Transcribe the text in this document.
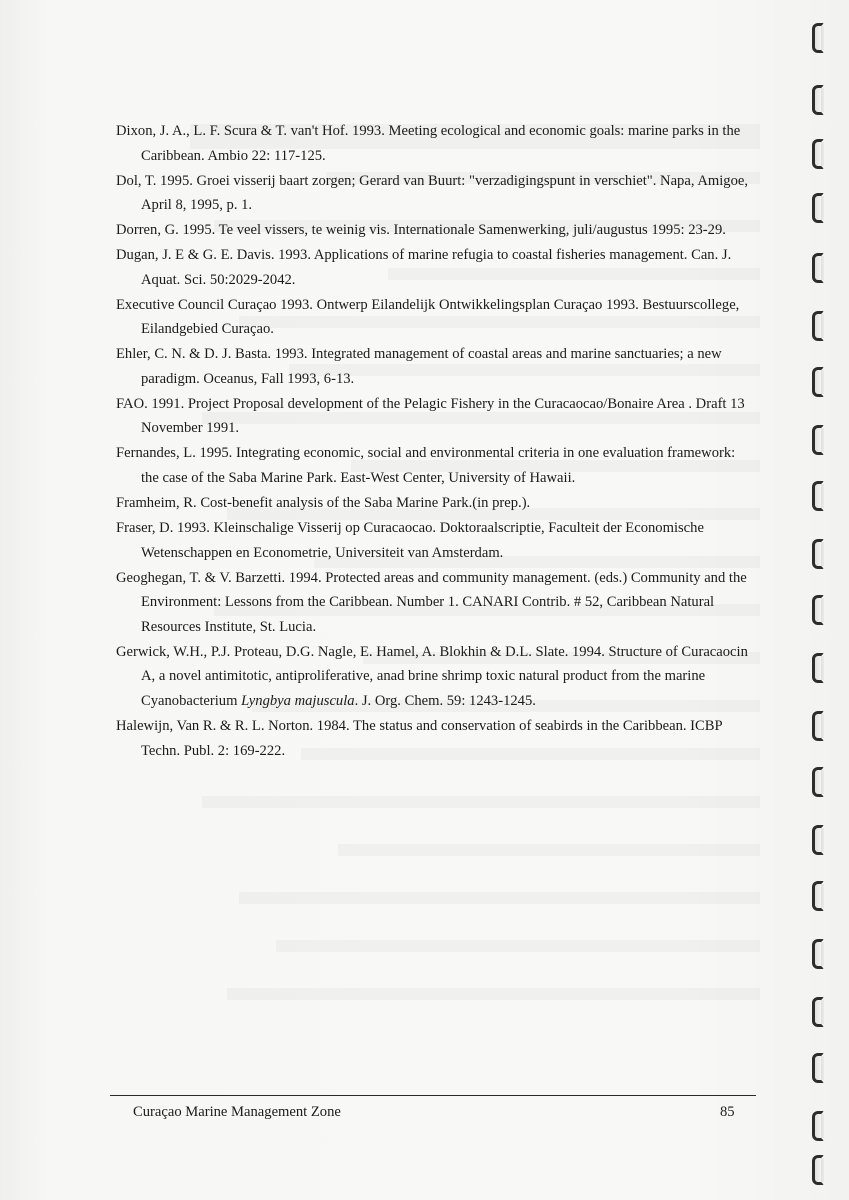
Dixon, J. A., L. F. Scura & T. van't Hof. 1993. Meeting ecological and economic goals: marine parks in the Caribbean. Ambio 22: 117-125.

Dol, T. 1995. Groei visserij baart zorgen; Gerard van Buurt: "verzadigingspunt in verschiet". Napa, Amigoe, April 8, 1995, p. 1.

Dorren, G. 1995. Te veel vissers, te weinig vis. Internationale Samenwerking, juli/augustus 1995: 23-29.

Dugan, J. E & G. E. Davis. 1993. Applications of marine refugia to coastal fisheries management. Can. J. Aquat. Sci. 50:2029-2042.

Executive Council Curaçao 1993. Ontwerp Eilandelijk Ontwikkelingsplan Curaçao 1993. Bestuurscollege, Eilandgebied Curaçao.

Ehler, C. N. & D. J. Basta. 1993. Integrated management of coastal areas and marine sanctuaries; a new paradigm. Oceanus, Fall 1993, 6-13.

FAO. 1991. Project Proposal development of the Pelagic Fishery in the Curacaocao/Bonaire Area . Draft 13 November 1991.

Fernandes, L. 1995. Integrating economic, social and environmental criteria in one evaluation framework: the case of the Saba Marine Park. East-West Center, University of Hawaii.

Framheim, R. Cost-benefit analysis of the Saba Marine Park.(in prep.).

Fraser, D. 1993. Kleinschalige Visserij op Curacaocao. Doktoraalscriptie, Faculteit der Economische Wetenschappen en Econometrie, Universiteit van Amsterdam.

Geoghegan, T. & V. Barzetti. 1994. Protected areas and community management. (eds.) Community and the Environment: Lessons from the Caribbean. Number 1. CANARI Contrib. # 52, Caribbean Natural Resources Institute, St. Lucia.

Gerwick, W.H., P.J. Proteau, D.G. Nagle, E. Hamel, A. Blokhin & D.L. Slate. 1994. Structure of Curacaocin A, a novel antimitotic, antiproliferative, anad brine shrimp toxic natural product from the marine Cyanobacterium Lyngbya majuscula. J. Org. Chem. 59: 1243-1245.

Halewijn, Van R. & R. L. Norton. 1984. The status and conservation of seabirds in the Caribbean. ICBP Techn. Publ. 2: 169-222.

Curaçao Marine Management Zone	85
